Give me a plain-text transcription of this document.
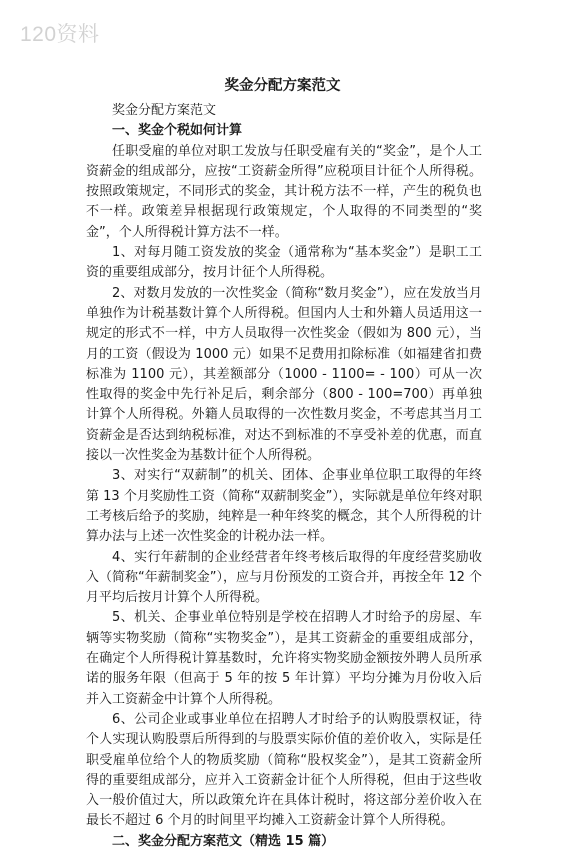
120资料
奖金分配方案范文

奖金分配方案范文

一、奖金个税如何计算

任职受雇的单位对职工发放与任职受雇有关的“奖金”，是个人工资薪金的组成部分，应按“工资薪金所得”应税项目计征个人所得税。按照政策规定，不同形式的奖金，其计税方法不一样，产生的税负也不一样。政策差异根据现行政策规定，个人取得的不同类型的“奖金”，个人所得税计算方法不一样。

1、对每月随工资发放的奖金（通常称为“基本奖金”）是职工工资的重要组成部分，按月计征个人所得税。

2、对数月发放的一次性奖金（简称“数月奖金”），应在发放当月单独作为计税基数计算个人所得税。但国内人士和外籍人员适用这一规定的形式不一样，中方人员取得一次性奖金（假如为 800 元），当月的工资（假设为 1000 元）如果不足费用扣除标准（如福建省扣费标准为 1100 元），其差额部分（1000 - 1100= - 100）可从一次性取得的奖金中先行补足后，剩余部分（800 - 100=700）再单独计算个人所得税。外籍人员取得的一次性数月奖金，不考虑其当月工资薪金是否达到纳税标准，对达不到标准的不享受补差的优惠，而直接以一次性奖金为基数计征个人所得税。

3、对实行“双薪制”的机关、团体、企事业单位职工取得的年终第 13 个月奖励性工资（简称“双薪制奖金”），实际就是单位年终对职工考核后给予的奖励，纯粹是一种年终奖的概念，其个人所得税的计算办法与上述一次性奖金的计税办法一样。

4、实行年薪制的企业经营者年终考核后取得的年度经营奖励收入（简称“年薪制奖金”），应与月份预发的工资合并，再按全年 12 个月平均后按月计算个人所得税。

5、机关、企事业单位特别是学校在招聘人才时给予的房屋、车辆等实物奖励（简称“实物奖金”），是其工资薪金的重要组成部分，在确定个人所得税计算基数时，允许将实物奖励金额按外聘人员所承诺的服务年限（但高于 5 年的按 5 年计算）平均分摊为月份收入后并入工资薪金中计算个人所得税。

6、公司企业或事业单位在招聘人才时给予的认购股票权证，待个人实现认购股票后所得到的与股票实际价值的差价收入，实际是任职受雇单位给个人的物质奖励（简称“股权奖金”），是其工资薪金所得的重要组成部分，应并入工资薪金计征个人所得税，但由于这些收入一般价值过大，所以政策允许在具体计税时，将这部分差价收入在最长不超过 6 个月的时间里平均摊入工资薪金计算个人所得税。

二、奖金分配方案范文（精选 15 篇）
